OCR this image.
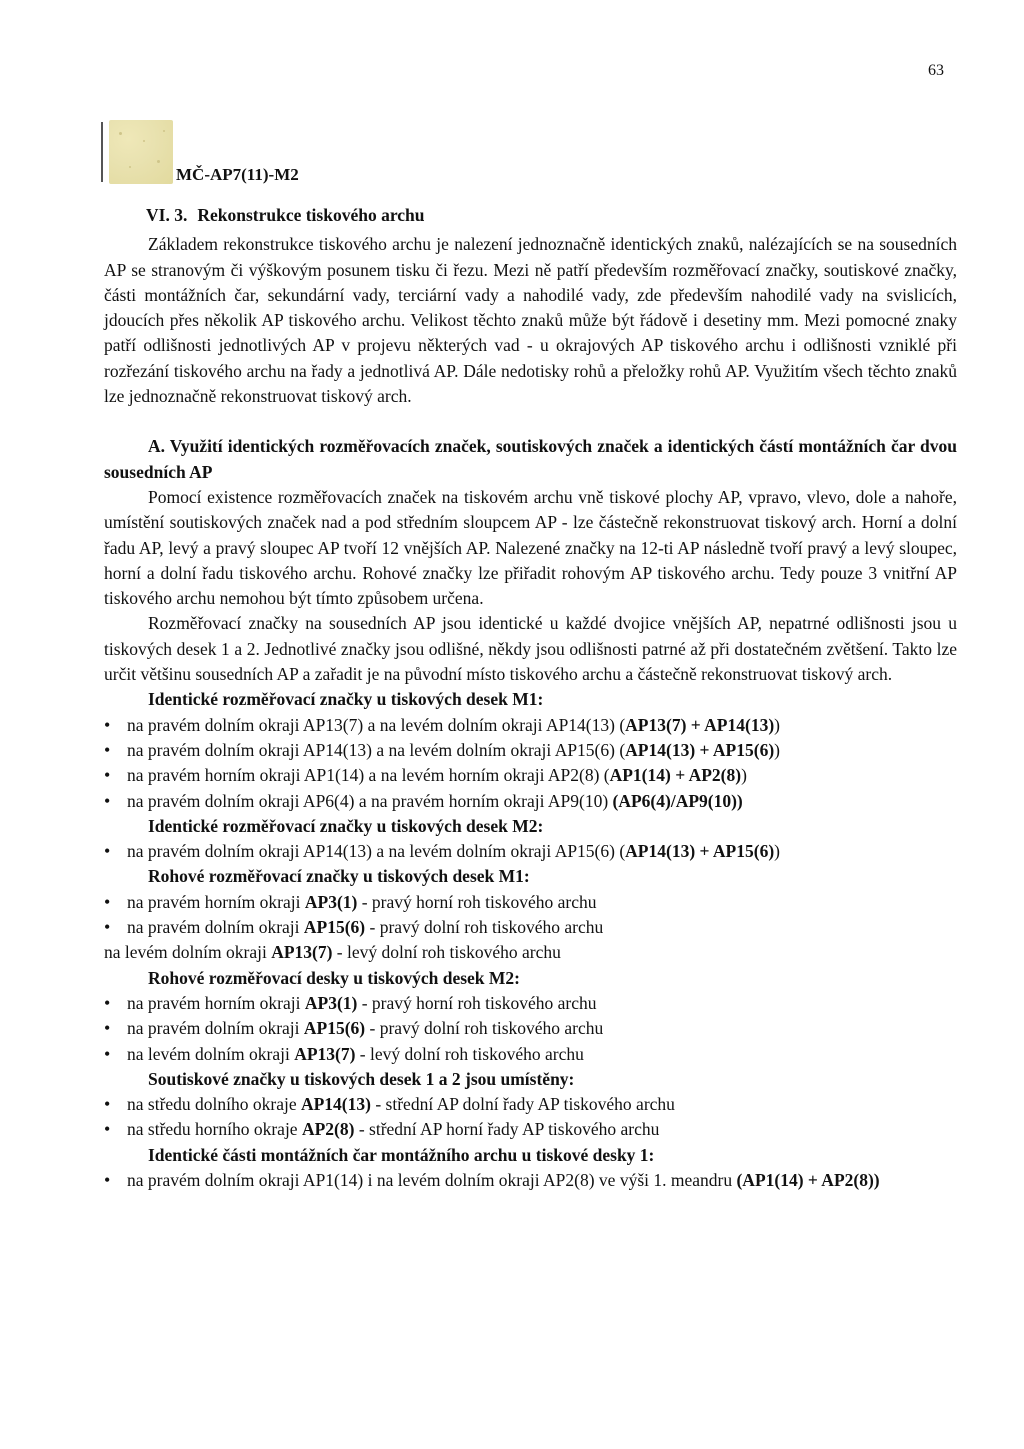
63
MČ-AP7(11)-M2
VI. 3. Rekonstrukce tiskového archu

Základem rekonstrukce tiskového archu je nalezení jednoznačně identických znaků, nalézajících se na sousedních AP se stranovým či výškovým posunem tisku či řezu. Mezi ně patří především rozměřovací značky, soutiskové značky, části montážních čar, sekundární vady, terciární vady a nahodilé vady, zde především nahodilé vady na svislicích, jdoucích přes několik AP tiskového archu. Velikost těchto znaků může být řádově i desetiny mm. Mezi pomocné znaky patří odlišnosti jednotlivých AP v projevu některých vad - u okrajových AP tiskového archu i odlišnosti vzniklé při rozřezání tiskového archu na řady a jednotlivá AP. Dále nedotisky rohů a přeložky rohů AP. Využitím všech těchto znaků lze jednoznačně rekonstruovat tiskový arch.

A. Využití identických rozměřovacích značek, soutiskových značek a identických částí montážních čar dvou sousedních AP

Pomocí existence rozměřovacích značek na tiskovém archu vně tiskové plochy AP, vpravo, vlevo, dole a nahoře, umístění soutiskových značek nad a pod středním sloupcem AP - lze částečně rekonstruovat tiskový arch. Horní a dolní řadu AP, levý a pravý sloupec AP tvoří 12 vnějších AP. Nalezené značky na 12-ti AP následně tvoří pravý a levý sloupec, horní a dolní řadu tiskového archu. Rohové značky lze přiřadit rohovým AP tiskového archu. Tedy pouze 3 vnitřní AP tiskového archu nemohou být tímto způsobem určena.

Rozměřovací značky na sousedních AP jsou identické u každé dvojice vnějších AP, nepatrné odlišnosti jsou u tiskových desek 1 a 2. Jednotlivé značky jsou odlišné, někdy jsou odlišnosti patrné až při dostatečném zvětšení. Takto lze určit většinu sousedních AP a zařadit je na původní místo tiskového archu a částečně rekonstruovat tiskový arch.

Identické rozměřovací značky u tiskových desek M1:
• na pravém dolním okraji AP13(7) a na levém dolním okraji AP14(13) (AP13(7) + AP14(13))
• na pravém dolním okraji AP14(13) a na levém dolním okraji AP15(6) (AP14(13) + AP15(6))
• na pravém horním okraji AP1(14) a na levém horním okraji AP2(8) (AP1(14) + AP2(8))
• na pravém dolním okraji AP6(4) a na pravém horním okraji AP9(10) (AP6(4)/AP9(10))
Identické rozměřovací značky u tiskových desek M2:
• na pravém dolním okraji AP14(13) a na levém dolním okraji AP15(6) (AP14(13) + AP15(6))
Rohové rozměřovací značky u tiskových desek M1:
• na pravém horním okraji AP3(1) - pravý horní roh tiskového archu
• na pravém dolním okraji AP15(6) - pravý dolní roh tiskového archu
na levém dolním okraji AP13(7) - levý dolní roh tiskového archu
Rohové rozměřovací desky u tiskových desek M2:
• na pravém horním okraji AP3(1) - pravý horní roh tiskového archu
• na pravém dolním okraji AP15(6) - pravý dolní roh tiskového archu
• na levém dolním okraji AP13(7) - levý dolní roh tiskového archu
Soutiskové značky u tiskových desek 1 a 2 jsou umístěny:
• na středu dolního okraje AP14(13) - střední AP dolní řady AP tiskového archu
• na středu horního okraje AP2(8) - střední AP horní řady AP tiskového archu
Identické části montážních čar montážního archu u tiskové desky 1:
• na pravém dolním okraji AP1(14) i na levém dolním okraji AP2(8) ve výši 1. meandru (AP1(14) + AP2(8))
